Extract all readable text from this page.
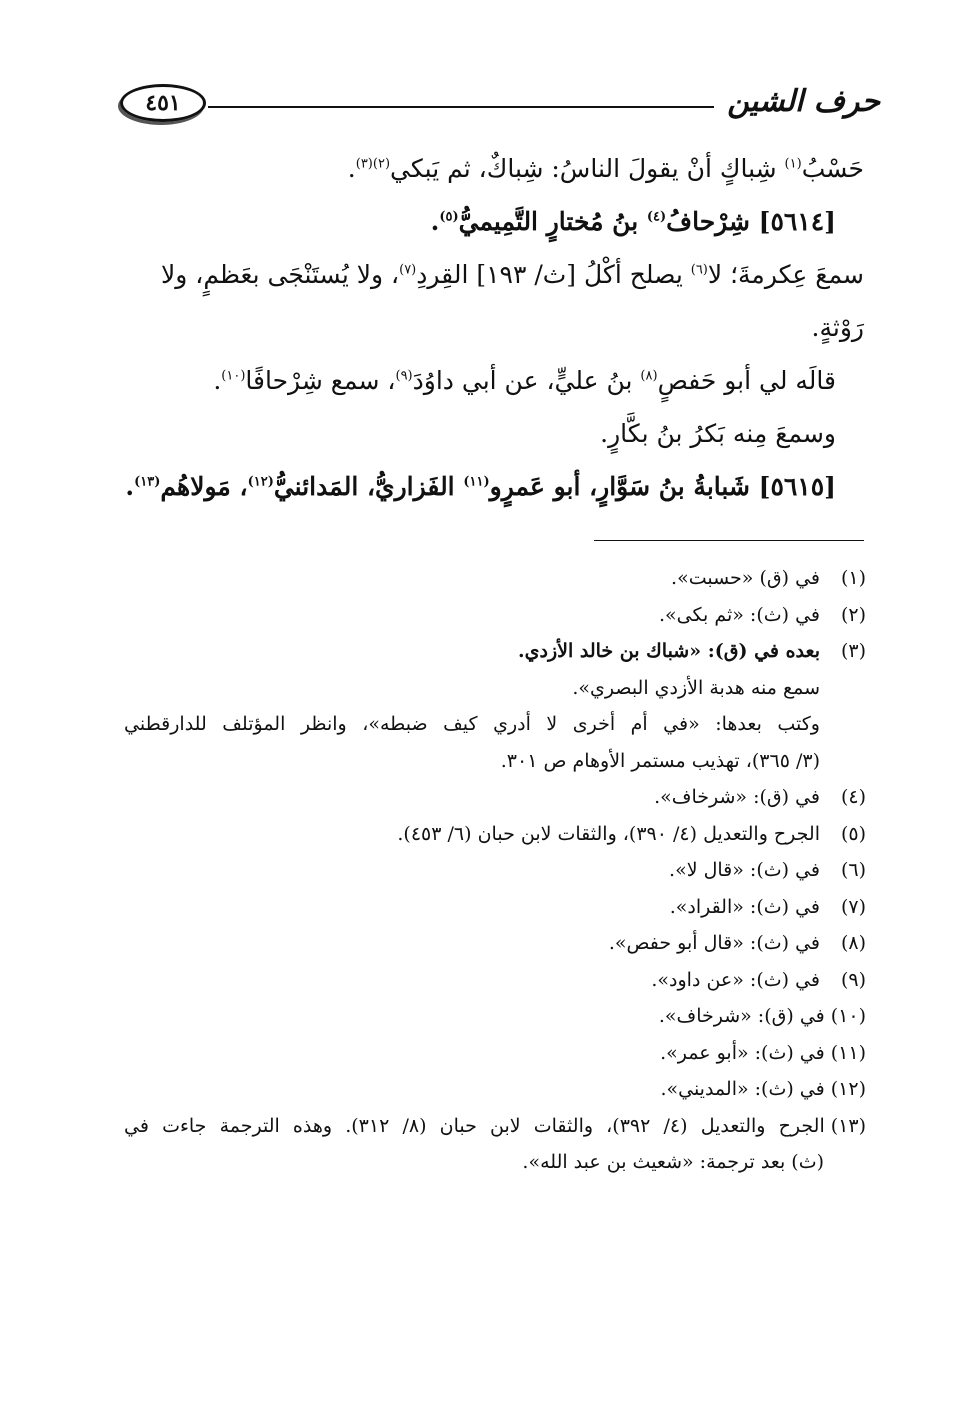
حرف الشين
٤٥١

حَسْبُ$^{(١)}$ شِباكٍ أنْ يقولَ الناسُ: شِباكٌ، ثم يَبكي$^{(٢)(٣)}$.

[٥٦١٤] شِرْحافُ$^{(٤)}$ بنُ مُختارٍ التَّمِيميُّ$^{(٥)}$.

سمعَ عِكرمةَ؛ لا$^{(٦)}$ يصلح أكْلُ [ث/ ١٩٣] القِردِ$^{(٧)}$، ولا يُستَنْجَى بعَظمٍ، ولا

رَوْثةٍ.

قالَه لي أبو حَفصٍ$^{(٨)}$ بنُ عليٍّ، عن أبي داوُدَ$^{(٩)}$، سمع شِرْحافًا$^{(١٠)}$.

وسمعَ مِنه بَكرُ بنُ بكَّارٍ.

[٥٦١٥] شَبابةُ بنُ سَوَّارٍ، أبو عَمرٍو$^{(١١)}$ الفَزاريُّ، المَدائنيُّ$^{(١٢)}$، مَولاهُم$^{(١٣)}$.

(١)
في (ق) «حسبت».
(٢)
في (ث): «ثم بكى».
(٣)
بعده في (ق): «شباك بن خالد الأزدي.
سمع منه هدبة الأزدي البصري».
وكتب بعدها: «في أم أخرى لا أدري كيف ضبطه»، وانظر المؤتلف للدارقطني
(٣/ ٣٦٥)، تهذيب مستمر الأوهام ص ٣٠١.
(٤)
في (ق): «شرخاف».
(٥)
الجرح والتعديل (٤/ ٣٩٠)، والثقات لابن حبان (٦/ ٤٥٣).
(٦)
في (ث): «قال لا».
(٧)
في (ث): «القراد».
(٨)
في (ث): «قال أبو حفص».
(٩)
في (ث): «عن داود».
(١٠)
في (ق): «شرخاف».
(١١)
في (ث): «أبو عمر».
(١٢)
في (ث): «المديني».
(١٣)
الجرح والتعديل (٤/ ٣٩٢)، والثقات لابن حبان (٨/ ٣١٢). وهذه الترجمة جاءت في
(ث) بعد ترجمة: «شعيث بن عبد الله».
